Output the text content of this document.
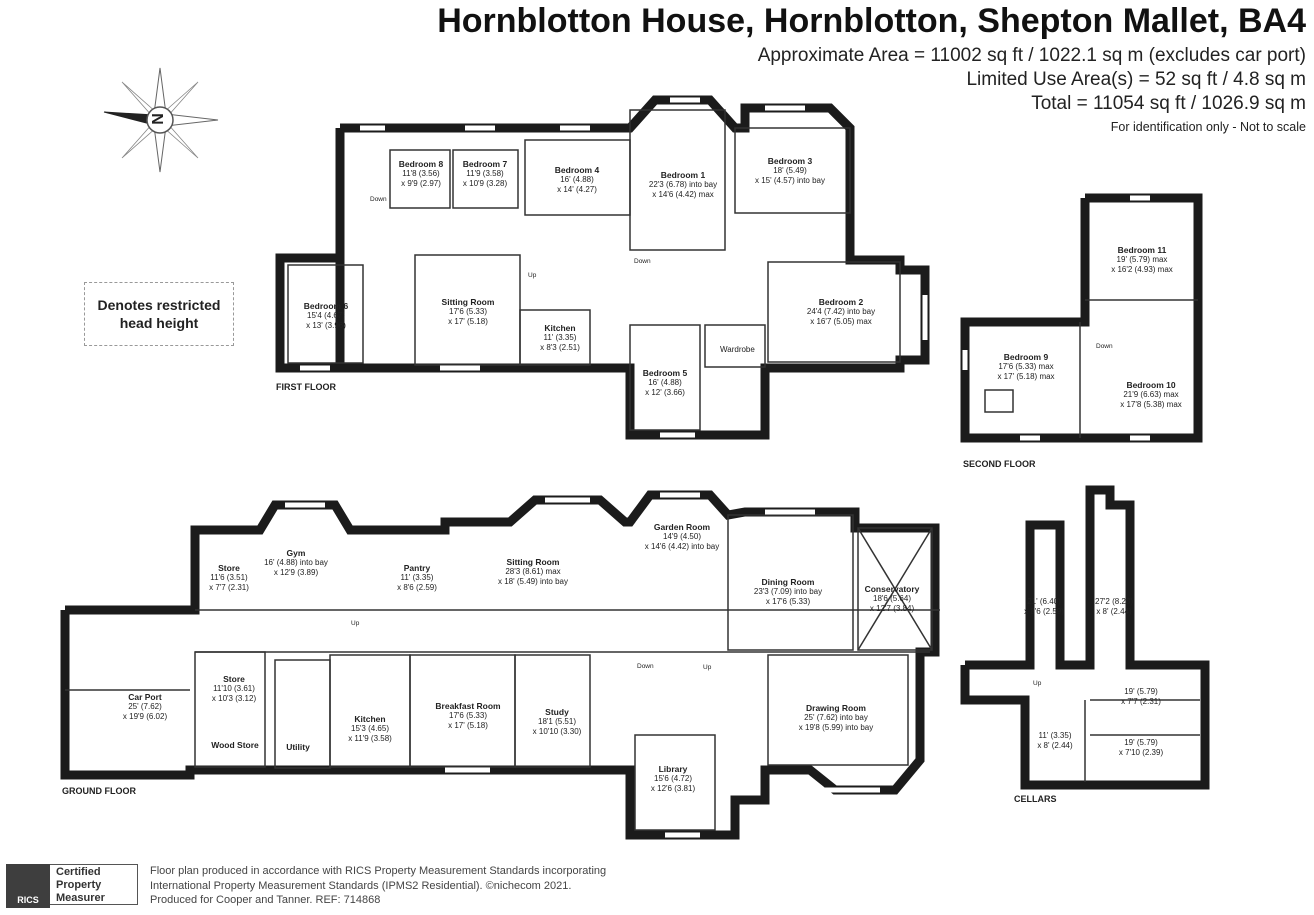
Hornblotton House, Hornblotton, Shepton Mallet, BA4
Approximate Area = 11002 sq ft / 1022.1 sq m (excludes car port)
Limited Use Area(s) = 52 sq ft / 4.8 sq m
Total = 11054 sq ft / 1026.9 sq m
For identification only - Not to scale
Denotes restricted
head height
N
FIRST FLOOR
SECOND FLOOR
GROUND FLOOR
CELLARS
Bedroom 8
11'8 (3.56)
x 9'9 (2.97)
Bedroom 7
11'9 (3.58)
x 10'9 (3.28)
Bedroom 4
16' (4.88)
x 14' (4.27)
Bedroom 1
22'3 (6.78) into bay
x 14'6 (4.42) max
Bedroom 3
18' (5.49)
x 15' (4.57) into bay
Bedroom 6
15'4 (4.67)
x 13' (3.96)
Sitting Room
17'6 (5.33)
x 17' (5.18)
Kitchen
11' (3.35)
x 8'3 (2.51)
Bedroom 5
16' (4.88)
x 12' (3.66)
Bedroom 2
24'4 (7.42) into bay
x 16'7 (5.05) max
Wardrobe
Down
Down
Up
Bedroom 11
19' (5.79) max
x 16'2 (4.93) max
Bedroom 9
17'6 (5.33) max
x 17' (5.18) max
Bedroom 10
21'9 (6.63) max
x 17'8 (5.38) max
Down
Store
11'6 (3.51)
x 7'7 (2.31)
Gym
16' (4.88) into bay
x 12'9 (3.89)	Pantry
11' (3.35)
x 8'6 (2.59)
Sitting Room
28'3 (8.61) max
x 18' (5.49) into bay
Garden Room
14'9 (4.50)
x 14'6 (4.42) into bay
Dining Room
23'3 (7.09) into bay
x 17'6 (5.33)
Conservatory
18'6 (5.64)
x 12'7 (3.84)
Car Port
25' (7.62)
x 19'9 (6.02)
Store
11'10 (3.61)
x 10'3 (3.12)
Wood Store	Utility
Kitchen
15'3 (4.65)
x 11'9 (3.58)
Breakfast Room
17'6 (5.33)
x 17' (5.18)
Study
18'1 (5.51)
x 10'10 (3.30)
Drawing Room
25' (7.62) into bay
x 19'8 (5.99) into bay
Library
15'6 (4.72)
x 12'6 (3.81)
Up
Down	Up
21' (6.40)
x 8'6 (2.59)
27'2 (8.28)
x 8' (2.44)
19' (5.79)
x 7'7 (2.31)
11' (3.35)
x 8' (2.44)	19' (5.79)
x 7'10 (2.39)
Up
RICS
Certified
Property
Measurer
Floor plan produced in accordance with RICS Property Measurement Standards incorporating
International Property Measurement Standards (IPMS2 Residential). ©nichecom 2021.
Produced for Cooper and Tanner. REF: 714868
